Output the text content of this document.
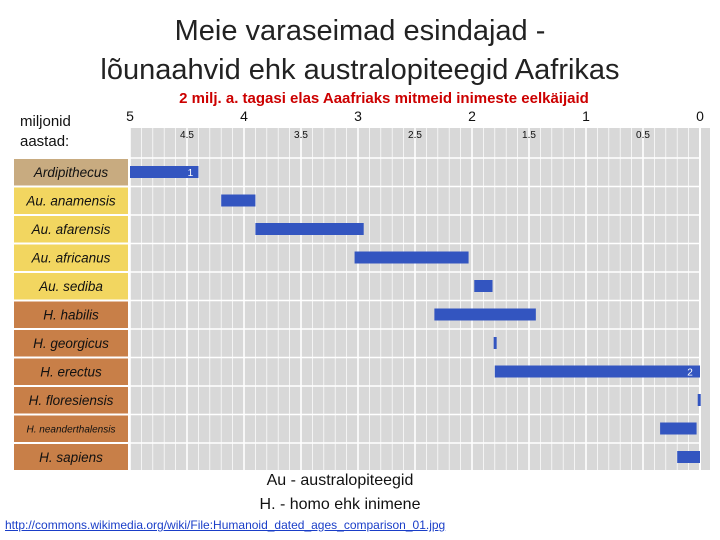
Meie varaseimad esindajad -
lõunaahvid ehk australopiteegid Aafrikas
2 milj. a. tagasi elas Aaafriaks mitmeid inimeste eelkäijaid
miljonid
aastad:
5	4	3	2	1	0
4.5	3.5	2.5	1.5	0.5
Ardipithecus	1
Au. anamensis
Au. afarensis
Au. africanus
Au. sediba
H. habilis
H. georgicus
H. erectus	2
H. floresiensis
H. neanderthalensis
H. sapiens
Au - australopiteegid
H. - homo ehk inimene
http://commons.wikimedia.org/wiki/File:Humanoid_dated_ages_comparison_01.jpg
